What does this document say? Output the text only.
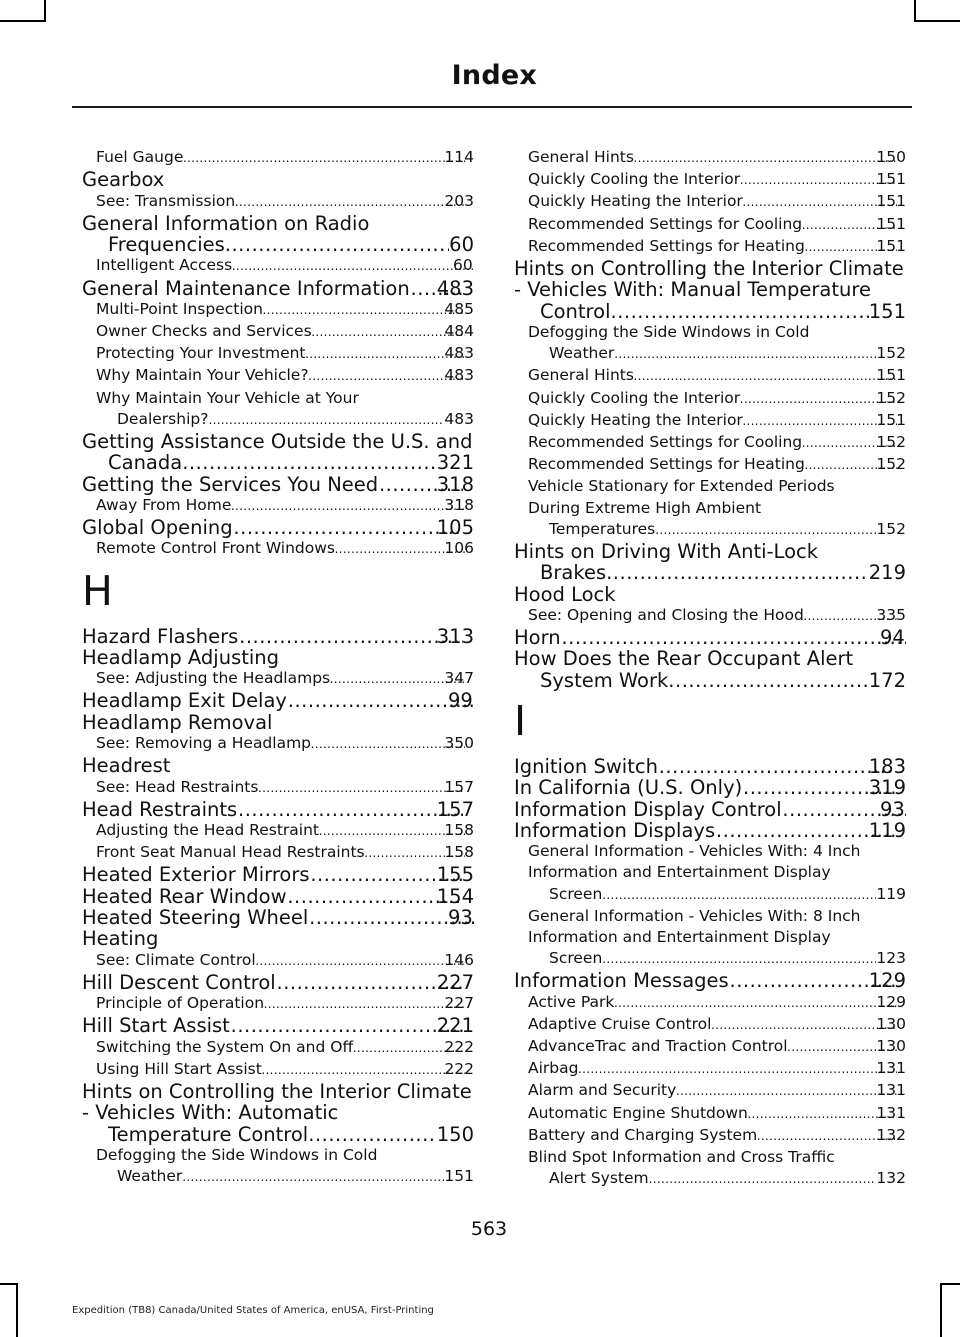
Index
Fuel Gauge .....	114
Gearbox
See: Transmission .....	203
General Information on Radio
Frequencies .....	60
Intelligent Access .....	60
General Maintenance Information ..... 483
Multi-Point Inspection .....	485
Owner Checks and Services .....	484
Protecting Your Investment .....	483
Why Maintain Your Vehicle? .....	483
Why Maintain Your Vehicle at Your
Dealership? .....	483
Getting Assistance Outside the U.S. and
Canada .....	321
Getting the Services You Need .....	318
Away From Home .....	318
Global Opening .....	105
Remote Control Front Windows .....	106
H
Hazard Flashers .....	313
Headlamp Adjusting
See: Adjusting the Headlamps .....	347
Headlamp Exit Delay .....	99
Headlamp Removal
See: Removing a Headlamp .....	350
Headrest
See: Head Restraints .....	157
Head Restraints .....	157
Adjusting the Head Restraint .....	158
Front Seat Manual Head Restraints .....	158
Heated Exterior Mirrors .....	155
Heated Rear Window .....	154
Heated Steering Wheel .....	93
Heating
See: Climate Control .....	146
Hill Descent Control .....	227
Principle of Operation .....	227
Hill Start Assist .....	221
Switching the System On and Off .....	222
Using Hill Start Assist .....	222
Hints on Controlling the Interior Climate
- Vehicles With: Automatic
Temperature Control .....	150
Defogging the Side Windows in Cold
Weather .....	151
General Hints .....	150
Quickly Cooling the Interior .....	151
Quickly Heating the Interior .....	151
Recommended Settings for Cooling .....	151
Recommended Settings for Heating .....	151
Hints on Controlling the Interior Climate
- Vehicles With: Manual Temperature
Control .....	151
Defogging the Side Windows in Cold
Weather .....	152
General Hints .....	151
Quickly Cooling the Interior .....	152
Quickly Heating the Interior .....	151
Recommended Settings for Cooling .....	152
Recommended Settings for Heating .....	152
Vehicle Stationary for Extended Periods
During Extreme High Ambient
Temperatures .....	152
Hints on Driving With Anti-Lock
Brakes .....	219
Hood Lock
See: Opening and Closing the Hood .....	335
Horn .....	94
How Does the Rear Occupant Alert
System Work .....	172
I
Ignition Switch .....	183
In California (U.S. Only) .....	319
Information Display Control .....	93
Information Displays .....	119
General Information - Vehicles With: 4 Inch
Information and Entertainment Display
Screen .....	119
General Information - Vehicles With: 8 Inch
Information and Entertainment Display
Screen .....	123
Information Messages .....	129
Active Park .....	129
Adaptive Cruise Control .....	130
AdvanceTrac and Traction Control .....	130
Airbag .....	131
Alarm and Security .....	131
Automatic Engine Shutdown .....	131
Battery and Charging System .....	132
Blind Spot Information and Cross Traffic
Alert System .....	132
563
Expedition (TB8) Canada/United States of America, enUSA, First-Printing
